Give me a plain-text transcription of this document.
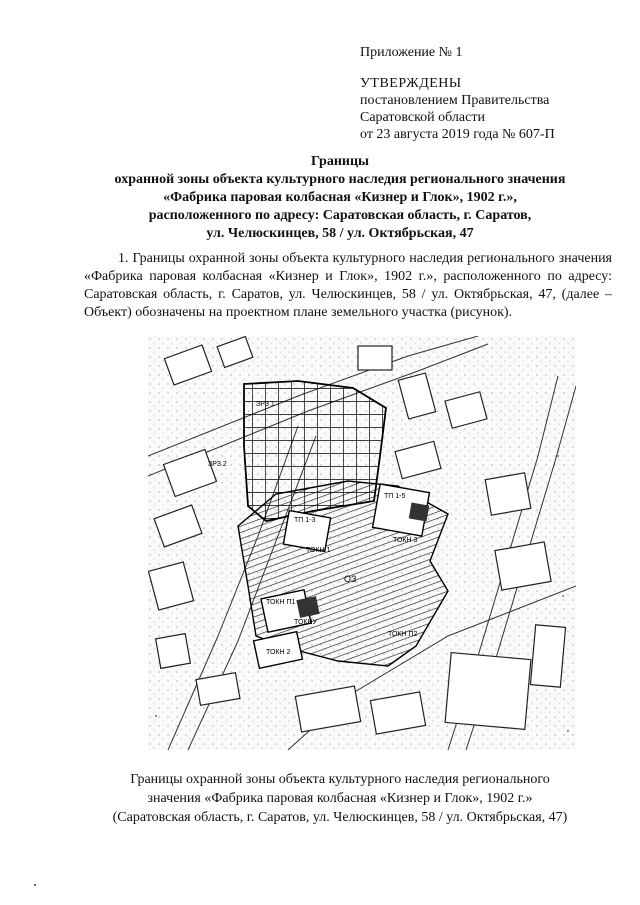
Приложение № 1
УТВЕРЖДЕНЫ
постановлением Правительства
Саратовской области
от 23 августа 2019 года № 607-П
Границы
охранной зоны объекта культурного наследия регионального значения
«Фабрика паровая колбасная «Кизнер и Глок», 1902 г.»,
расположенного по адресу: Саратовская область, г. Саратов,
ул. Челюскинцев, 58 / ул. Октябрьская, 47
1. Границы охранной зоны объекта культурного наследия регионального значения «Фабрика паровая колбасная «Кизнер и Глок», 1902 г.», расположенного по адресу: Саратовская область, г. Саратов, ул. Челюскинцев, 58 / ул. Октябрьская, 47, (далее – Объект) обозначены на проектном плане земельного участка (рисунок).
ОЗ
ТОКНУ
ТОКН 1
ТОКН 2
ТОКН 3
ТОКН П1
ТОКН П2
ЗРЗ 1
ЗРЗ 2
ТП 1-3
ТП 1-5
Границы охранной зоны объекта культурного наследия регионального
значения «Фабрика паровая колбасная «Кизнер и Глок», 1902 г.»
(Саратовская область, г. Саратов, ул. Челюскинцев, 58 / ул. Октябрьская, 47)
